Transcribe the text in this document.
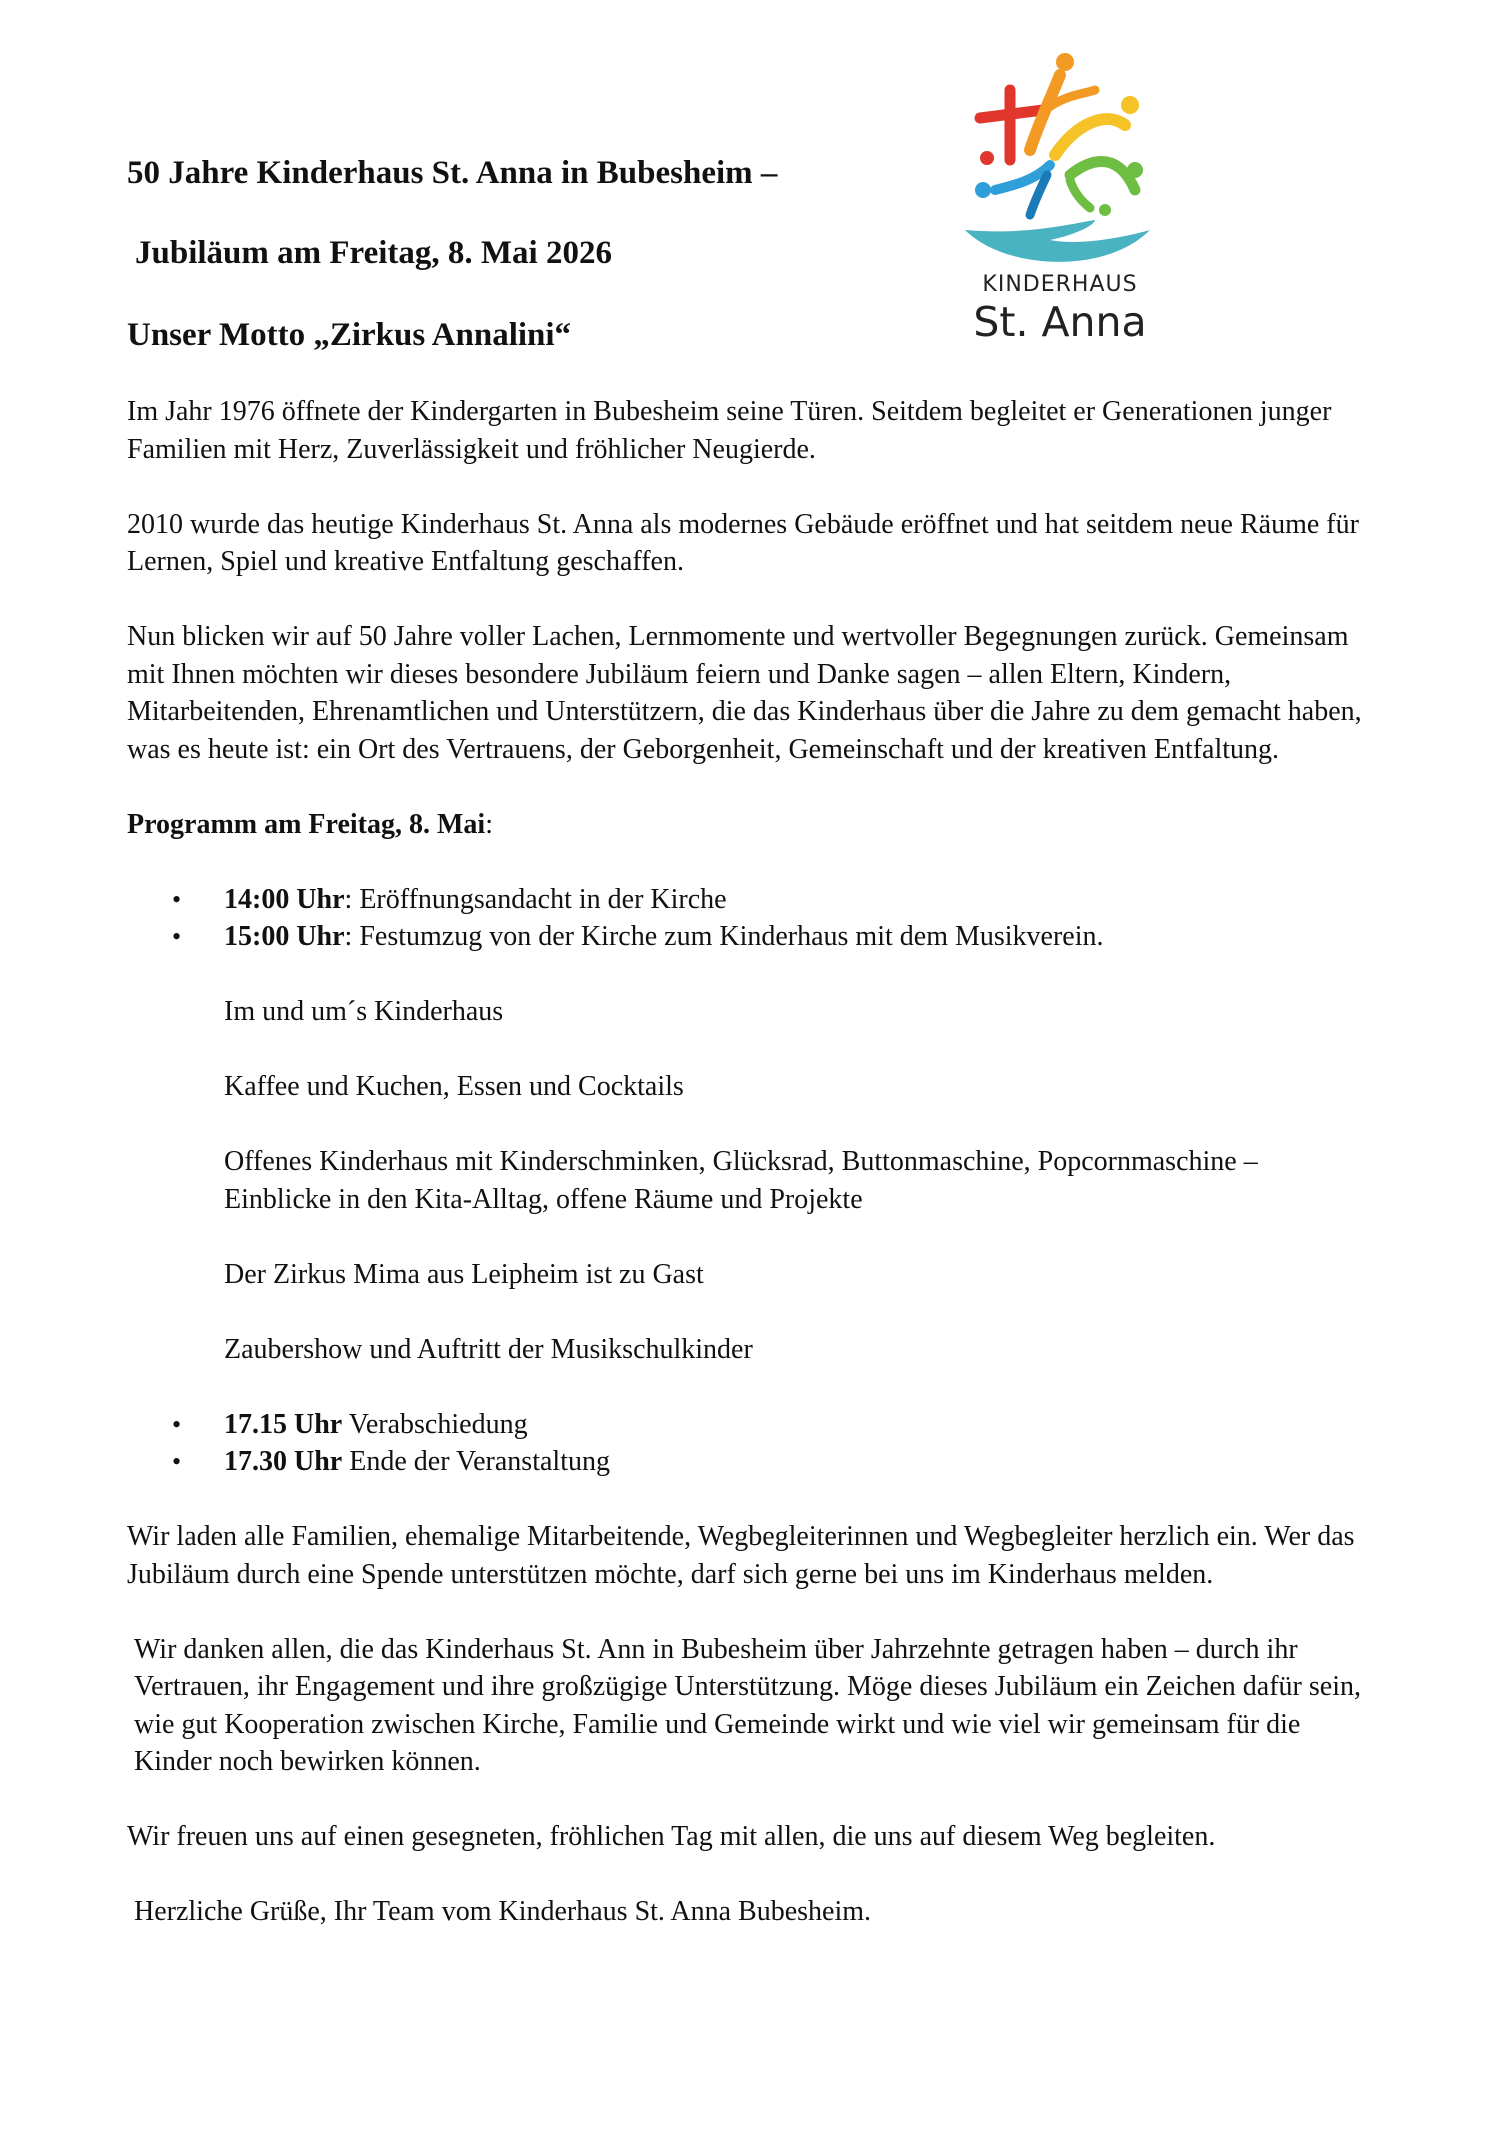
50 Jahre Kinderhaus St. Anna in Bubesheim –
Jubiläum am Freitag, 8. Mai 2026
Unser Motto „Zirkus Annalini“
KINDERHAUS
St. Anna

Im Jahr 1976 öffnete der Kindergarten in Bubesheim seine Türen. Seitdem begleitet er Generationen junger Familien mit Herz, Zuverlässigkeit und fröhlicher Neugierde.

2010 wurde das heutige Kinderhaus St. Anna als modernes Gebäude eröffnet und hat seitdem neue Räume für Lernen, Spiel und kreative Entfaltung geschaffen.

Nun blicken wir auf 50 Jahre voller Lachen, Lernmomente und wertvoller Begegnungen zurück. Gemeinsam mit Ihnen möchten wir dieses besondere Jubiläum feiern und Danke sagen – allen Eltern, Kindern, Mitarbeitenden, Ehrenamtlichen und Unterstützern, die das Kinderhaus über die Jahre zu dem gemacht haben, was es heute ist: ein Ort des Vertrauens, der Geborgenheit, Gemeinschaft und der kreativen Entfaltung.

Programm am Freitag, 8. Mai:
• 14:00 Uhr: Eröffnungsandacht in der Kirche
• 15:00 Uhr: Festumzug von der Kirche zum Kinderhaus mit dem Musikverein.

Im und um´s Kinderhaus

Kaffee und Kuchen, Essen und Cocktails

Offenes Kinderhaus mit Kinderschminken, Glücksrad, Buttonmaschine, Popcornmaschine – Einblicke in den Kita-Alltag, offene Räume und Projekte

Der Zirkus Mima aus Leipheim ist zu Gast

Zaubershow und Auftritt der Musikschulkinder

• 17.15 Uhr Verabschiedung
• 17.30 Uhr Ende der Veranstaltung

Wir laden alle Familien, ehemalige Mitarbeitende, Wegbegleiterinnen und Wegbegleiter herzlich ein. Wer das Jubiläum durch eine Spende unterstützen möchte, darf sich gerne bei uns im Kinderhaus melden.

Wir danken allen, die das Kinderhaus St. Ann in Bubesheim über Jahrzehnte getragen haben – durch ihr Vertrauen, ihr Engagement und ihre großzügige Unterstützung. Möge dieses Jubiläum ein Zeichen dafür sein, wie gut Kooperation zwischen Kirche, Familie und Gemeinde wirkt und wie viel wir gemeinsam für die Kinder noch bewirken können.

Wir freuen uns auf einen gesegneten, fröhlichen Tag mit allen, die uns auf diesem Weg begleiten.

Herzliche Grüße, Ihr Team vom Kinderhaus St. Anna Bubesheim.
